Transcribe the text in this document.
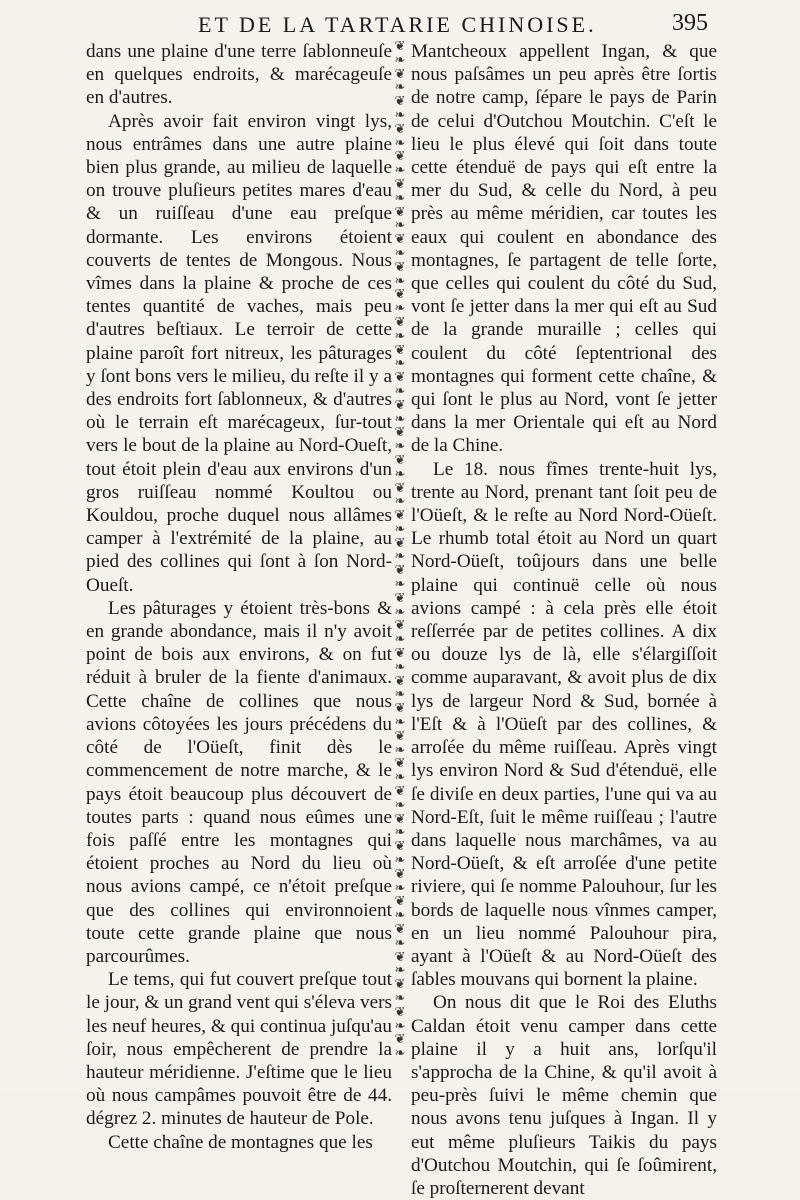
ET DE LA TARTARIE CHINOISE.	395

dans une plaine d'une terre ſablonneuſe en quelques endroits, & marécageuſe en d'autres.

Après avoir fait environ vingt lys, nous entrâmes dans une autre plaine bien plus grande, au milieu de laquelle on trouve pluſieurs petites mares d'eau & un ruiſſeau d'une eau preſque dormante. Les environs étoient couverts de tentes de Mongous. Nous vîmes dans la plaine & proche de ces tentes quantité de vaches, mais peu d'autres beſtiaux. Le terroir de cette plaine paroît fort nitreux, les pâturages y ſont bons vers le milieu, du reſte il y a des endroits fort ſablonneux, & d'autres où le terrain eſt marécageux, ſur-tout vers le bout de la plaine au Nord-Oueſt, tout étoit plein d'eau aux environs d'un gros ruiſſeau nommé Koultou ou Kouldou, proche duquel nous allâmes camper à l'extrémité de la plaine, au pied des collines qui ſont à ſon Nord-Oueſt.

Les pâturages y étoient très-bons & en grande abondance, mais il n'y avoit point de bois aux environs, & on fut réduit à bruler de la fiente d'animaux. Cette chaîne de collines que nous avions côtoyées les jours précédens du côté de l'Oüeſt, finit dès le commencement de notre marche, & le pays étoit beaucoup plus découvert de toutes parts : quand nous eûmes une fois paſſé entre les montagnes qui étoient proches au Nord du lieu où nous avions campé, ce n'étoit preſque que des collines qui environnoient toute cette grande plaine que nous parcourûmes.

Le tems, qui fut couvert preſque tout le jour, & un grand vent qui s'éleva vers les neuf heures, & qui continua juſqu'au ſoir, nous empêcherent de prendre la hauteur méridienne. J'eſtime que le lieu où nous campâmes pouvoit être de 44. dégrez 2. minutes de hauteur de Pole.

Cette chaîne de montagnes que les

❦
❧
❦
❧
❦
❧
❦
❧
❦
❧
❦
❧
❦
❧
❦
❧
❦
❧
❦
❧
❦
❧
❦
❧
❦
❧
❦
❧
❦
❧
❦
❧
❦
❧
❦
❧
❦
❧
❦
❧
❦
❧
❦
❧
❦
❧
❦
❧
❦
❧
❦
❧
❦
❧
❦
❧
❦
❧
❦
❧
❦
❧
❦
❧
❦
❧
❦
❧
❦
❧
❦
❧
❦
❧

Mantcheoux appellent Ingan, & que nous paſsâmes un peu après être ſortis de notre camp, ſépare le pays de Parin de celui d'Outchou Moutchin. C'eſt le lieu le plus élevé qui ſoit dans toute cette étenduë de pays qui eſt entre la mer du Sud, & celle du Nord, à peu près au même méridien, car toutes les eaux qui coulent en abondance des montagnes, ſe partagent de telle ſorte, que celles qui coulent du côté du Sud, vont ſe jetter dans la mer qui eſt au Sud de la grande muraille ; celles qui coulent du côté ſeptentrional des montagnes qui forment cette chaîne, & qui ſont le plus au Nord, vont ſe jetter dans la mer Orientale qui eſt au Nord de la Chine.

Le 18. nous fîmes trente-huit lys, trente au Nord, prenant tant ſoit peu de l'Oüeſt, & le reſte au Nord Nord-Oüeſt. Le rhumb total étoit au Nord un quart Nord-Oüeſt, toûjours dans une belle plaine qui continuë celle où nous avions campé : à cela près elle étoit reſſerrée par de petites collines. A dix ou douze lys de là, elle s'élargiſſoit comme auparavant, & avoit plus de dix lys de largeur Nord & Sud, bornée à l'Eſt & à l'Oüeſt par des collines, & arroſée du même ruiſſeau. Après vingt lys environ Nord & Sud d'étenduë, elle ſe diviſe en deux parties, l'une qui va au Nord-Eſt, ſuit le même ruiſſeau ; l'autre dans laquelle nous marchâmes, va au Nord-Oüeſt, & eſt arroſée d'une petite riviere, qui ſe nomme Palouhour, ſur les bords de laquelle nous vînmes camper, en un lieu nommé Palouhour pira, ayant à l'Oüeſt & au Nord-Oüeſt des ſables mouvans qui bornent la plaine.

On nous dit que le Roi des Eluths Caldan étoit venu camper dans cette plaine il y a huit ans, lorſqu'il s'approcha de la Chine, & qu'il avoit à peu-près ſuivi le même chemin que nous avons tenu juſques à Ingan. Il y eut même pluſieurs Taikis du pays d'Outchou Moutchin, qui ſe ſoûmirent, ſe proſternerent devant
